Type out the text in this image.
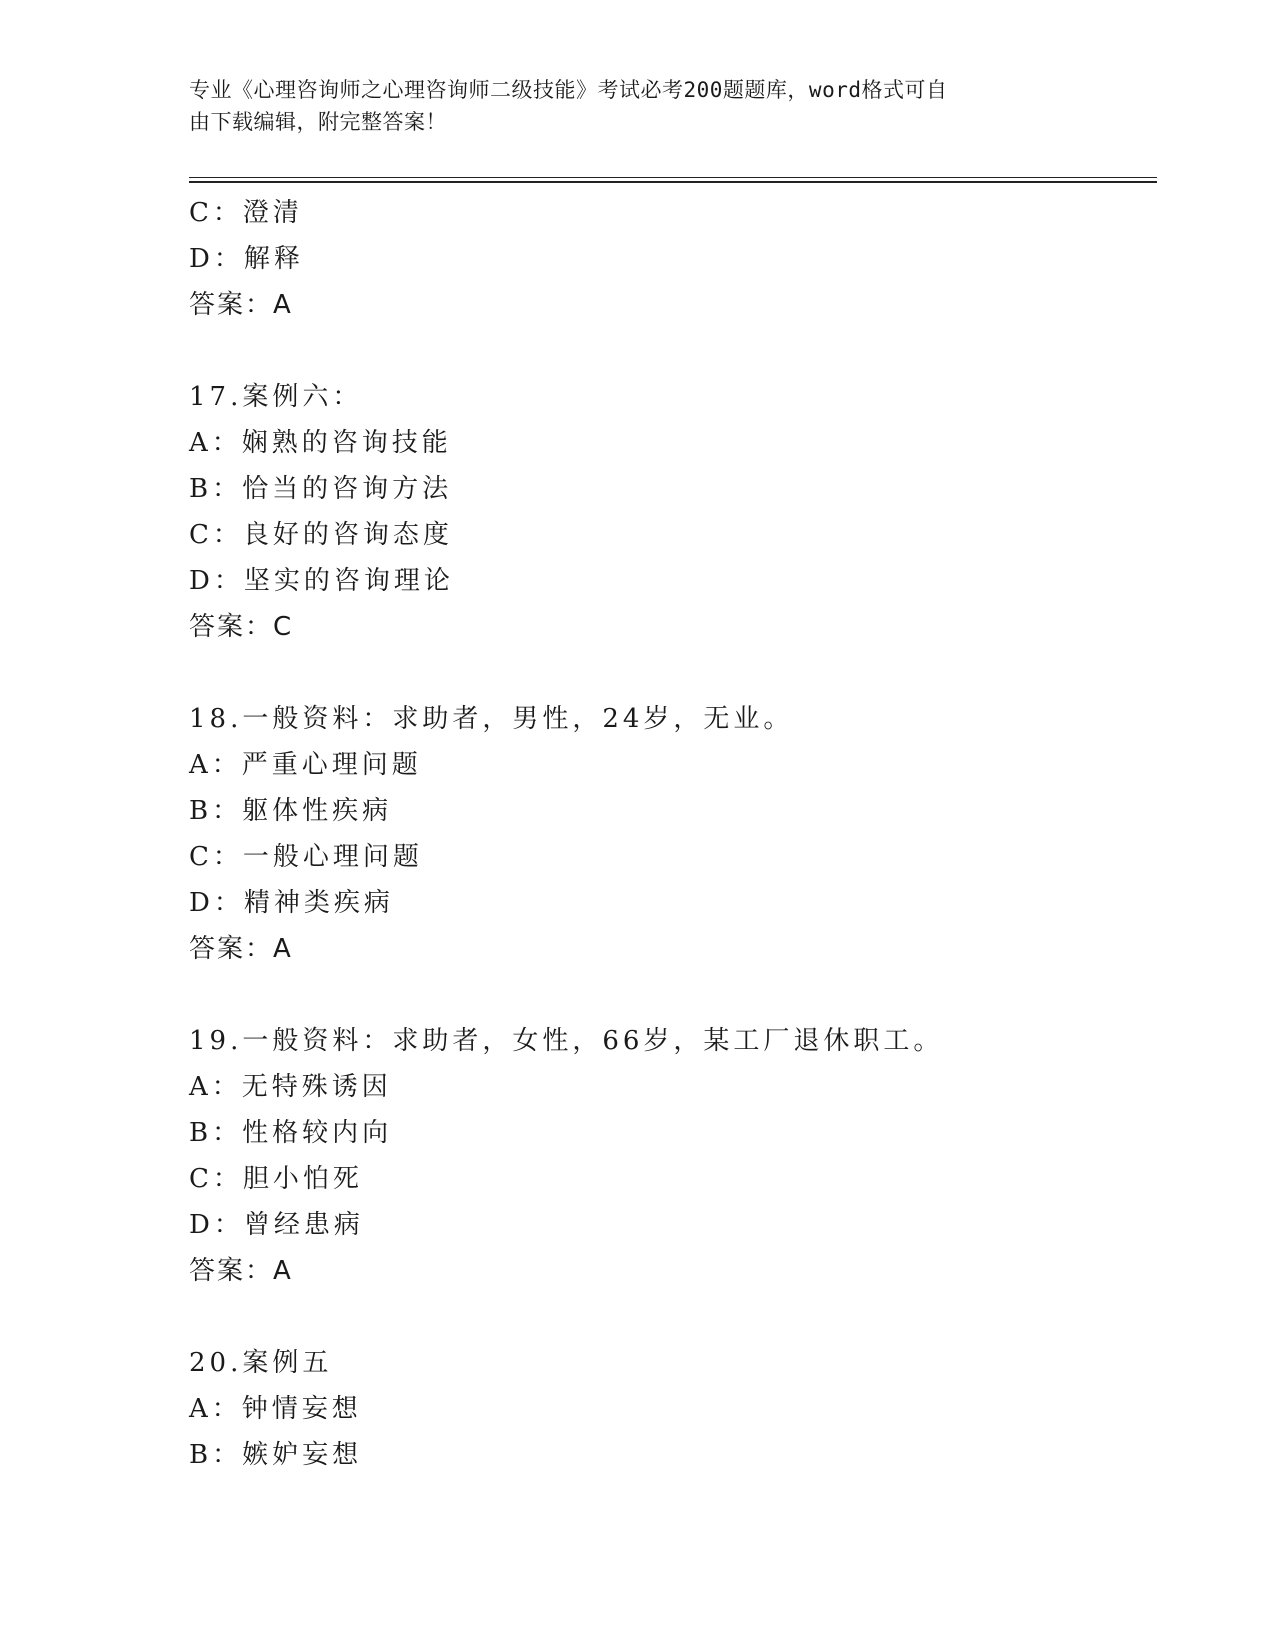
专业《心理咨询师之心理咨询师二级技能》考试必考200题题库，word格式可自
由下载编辑，附完整答案！
C：澄清
D：解释
答案：A
17.案例六：
A：娴熟的咨询技能
B：恰当的咨询方法
C：良好的咨询态度
D：坚实的咨询理论
答案：C
18.一般资料：求助者，男性，24岁，无业。
A：严重心理问题
B：躯体性疾病
C：一般心理问题
D：精神类疾病
答案：A
19.一般资料：求助者，女性，66岁，某工厂退休职工。
A：无特殊诱因
B：性格较内向
C：胆小怕死
D：曾经患病
答案：A
20.案例五
A：钟情妄想
B：嫉妒妄想
